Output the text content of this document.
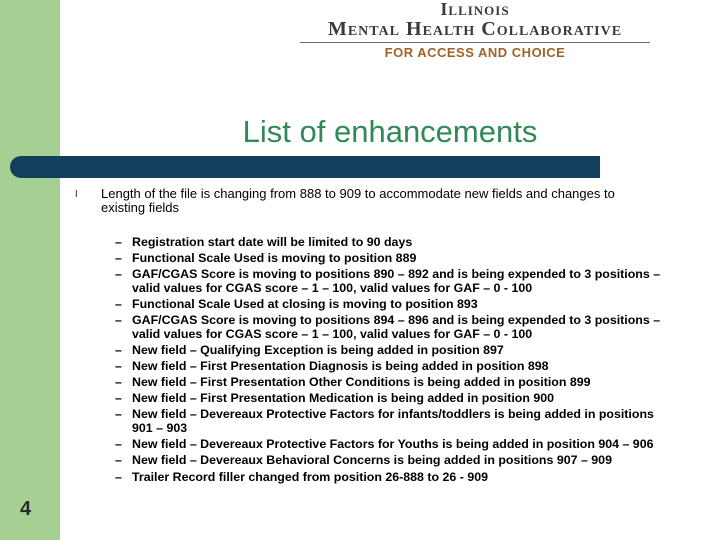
Illinois
Mental Health Collaborative
FOR ACCESS AND CHOICE
List of enhancements
l Length of the file is changing from 888 to 909 to accommodate new fields and changes to existing fields
– Registration start date will be limited to 90 days
– Functional Scale Used is moving to position 889
– GAF/CGAS Score is moving to positions 890 – 892 and is being expended to 3 positions – valid values for CGAS score – 1 – 100, valid values for GAF – 0 - 100
– Functional Scale Used at closing is moving to position 893
– GAF/CGAS Score is moving to positions 894 – 896 and is being expended to 3 positions – valid values for CGAS score – 1 – 100, valid values for GAF – 0 - 100
– New field – Qualifying Exception is being added in position 897
– New field – First Presentation Diagnosis is being added in position 898
– New field – First Presentation Other Conditions is being added in position 899
– New field – First Presentation Medication is being added in position 900
– New field – Devereaux Protective Factors for infants/toddlers is being added in positions 901 – 903
– New field – Devereaux Protective Factors for Youths is being added in position 904 – 906
– New field – Devereaux Behavioral Concerns is being added in positions 907 – 909
– Trailer Record filler changed from position 26-888 to 26 - 909
4
